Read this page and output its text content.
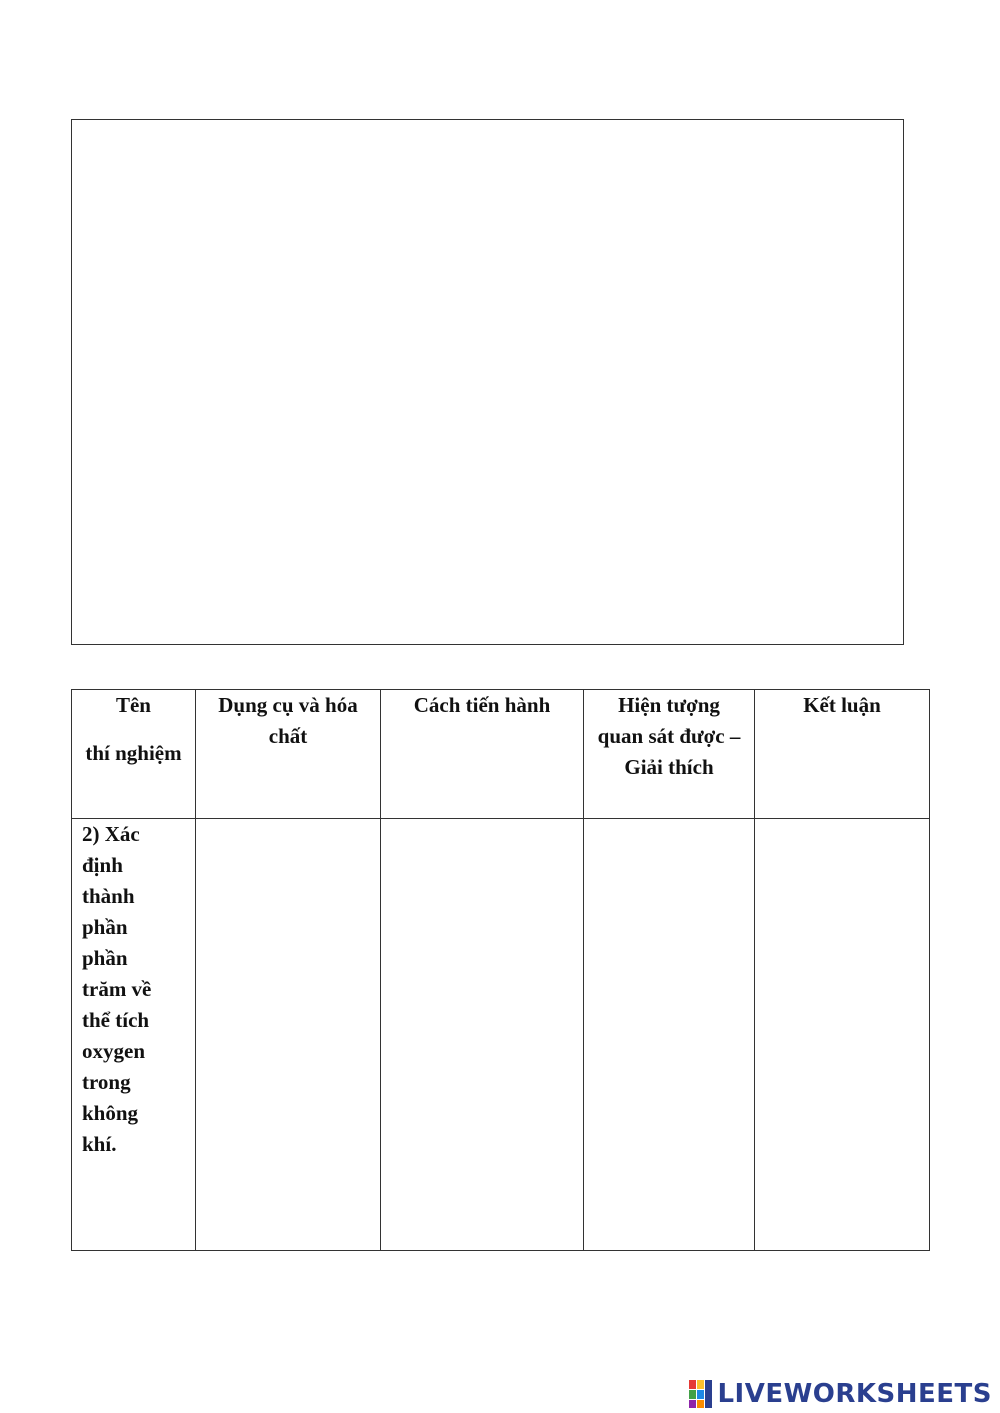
Tên
thí nghiệm	Dụng cụ và hóa chất	Cách tiến hành	Hiện tượng quan sát được – Giải thích	Kết luận

2) Xác định thành phần phần trăm về thể tích oxygen trong không khí.				

LIVEWORKSHEETS
